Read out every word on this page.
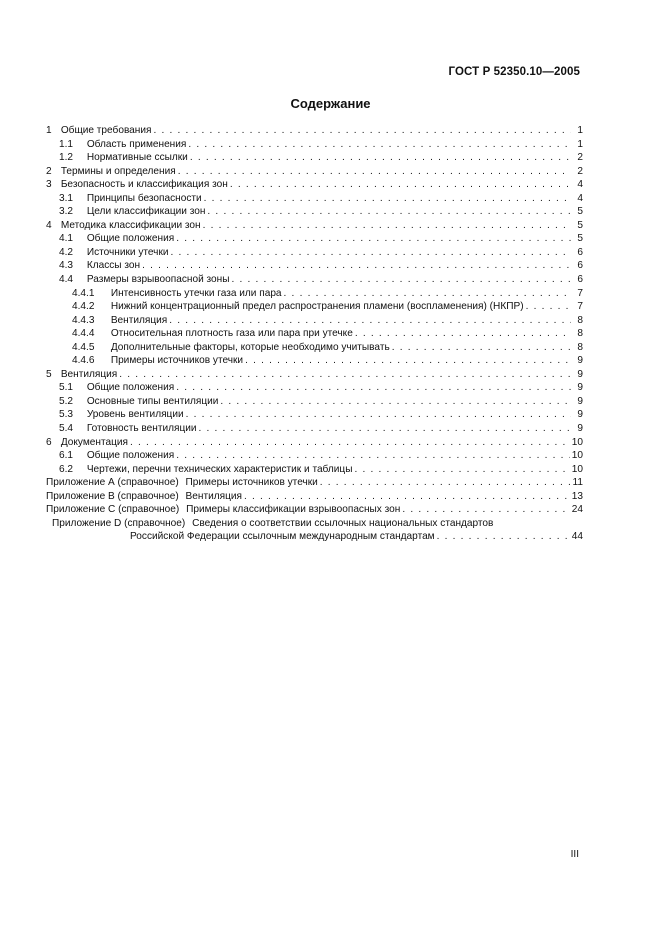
ГОСТ Р 52350.10—2005
Содержание
1 Общие требования . . .	1
1.1 Область применения . . .	1
1.2 Нормативные ссылки . . .	2
2 Термины и определения . . .	2
3 Безопасность и классификация зон . . .	4
3.1 Принципы безопасности . . .	4
3.2 Цели классификации зон . . .	5
4 Методика классификации зон . . .	5
4.1 Общие положения . . .	5
4.2 Источники утечки . . .	6
4.3 Классы зон . . .	6
4.4 Размеры взрывоопасной зоны . . .	6
4.4.1 Интенсивность утечки газа или пара . . .	7
4.4.2 Нижний концентрационный предел распространения пламени (воспламенения) (НКПР) . . .	7
4.4.3 Вентиляция . . .	8
4.4.4 Относительная плотность газа или пара при утечке . . .	8
4.4.5 Дополнительные факторы, которые необходимо учитывать . . .	8
4.4.6 Примеры источников утечки . . .	9
5 Вентиляция . . .	9
5.1 Общие положения . . .	9
5.2 Основные типы вентиляции . . .	9
5.3 Уровень вентиляции . . .	9
5.4 Готовность вентиляции . . .	9
6 Документация . . .	10
6.1 Общие положения . . .	10
6.2 Чертежи, перечни технических характеристик и таблицы . . .	10
Приложение А (справочное) Примеры источников утечки . . .	11
Приложение В (справочное) Вентиляция . . .	13
Приложение С (справочное) Примеры классификации взрывоопасных зон . . .	24
Приложение D (справочное) Сведения о соответствии ссылочных национальных стандартов
Российской Федерации ссылочным международным стандартам . . .	44
III
